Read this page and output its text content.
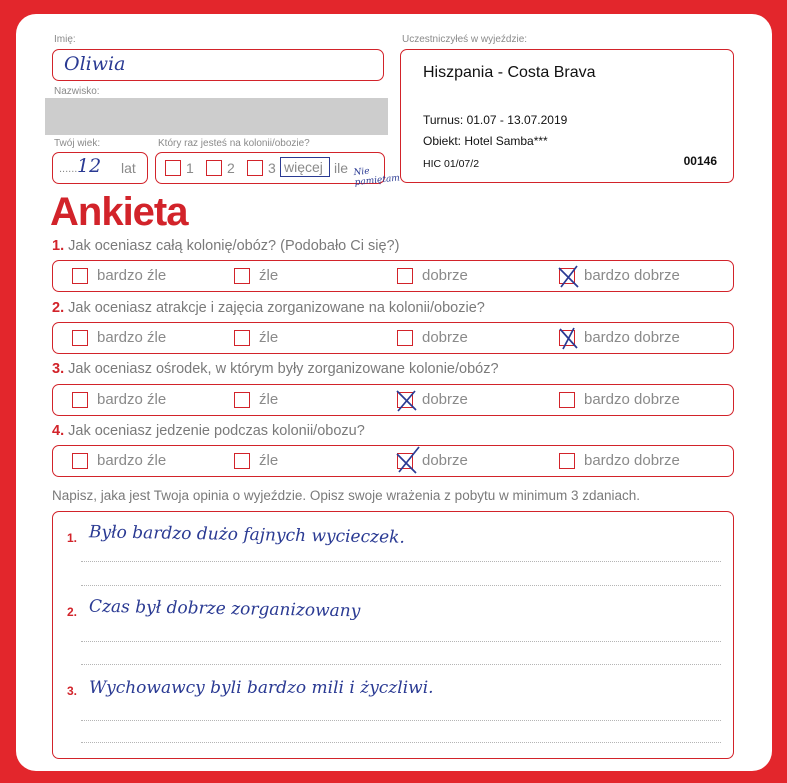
Imię:
Oliwia
Nazwisko:
Twój wiek:
...... 12 lat
Który raz jesteś na kolonii/obozie?
1 2 3 więcej ile Nie pamiętam
Uczestniczyłeś w wyjeździe:
Hiszpania - Costa Brava
Turnus: 01.07 - 13.07.2019
Obiekt: Hotel Samba***
HIC 01/07/2	00146
Ankieta
1. Jak oceniasz całą kolonię/obóz? (Podobało Ci się?)
bardzo źle	źle	dobrze	bardzo dobrze
2. Jak oceniasz atrakcje i zajęcia zorganizowane na kolonii/obozie?
bardzo źle	źle	dobrze	bardzo dobrze
3. Jak oceniasz ośrodek, w którym były zorganizowane kolonie/obóz?
bardzo źle	źle	dobrze	bardzo dobrze
4. Jak oceniasz jedzenie podczas kolonii/obozu?
bardzo źle	źle	dobrze	bardzo dobrze
Napisz, jaka jest Twoja opinia o wyjeździe. Opisz swoje wrażenia z pobytu w minimum 3 zdaniach.
1. Było bardzo dużo fajnych wycieczek.
2. Czas był dobrze zorganizowany
3. Wychowawcy byli bardzo mili i życzliwi.
